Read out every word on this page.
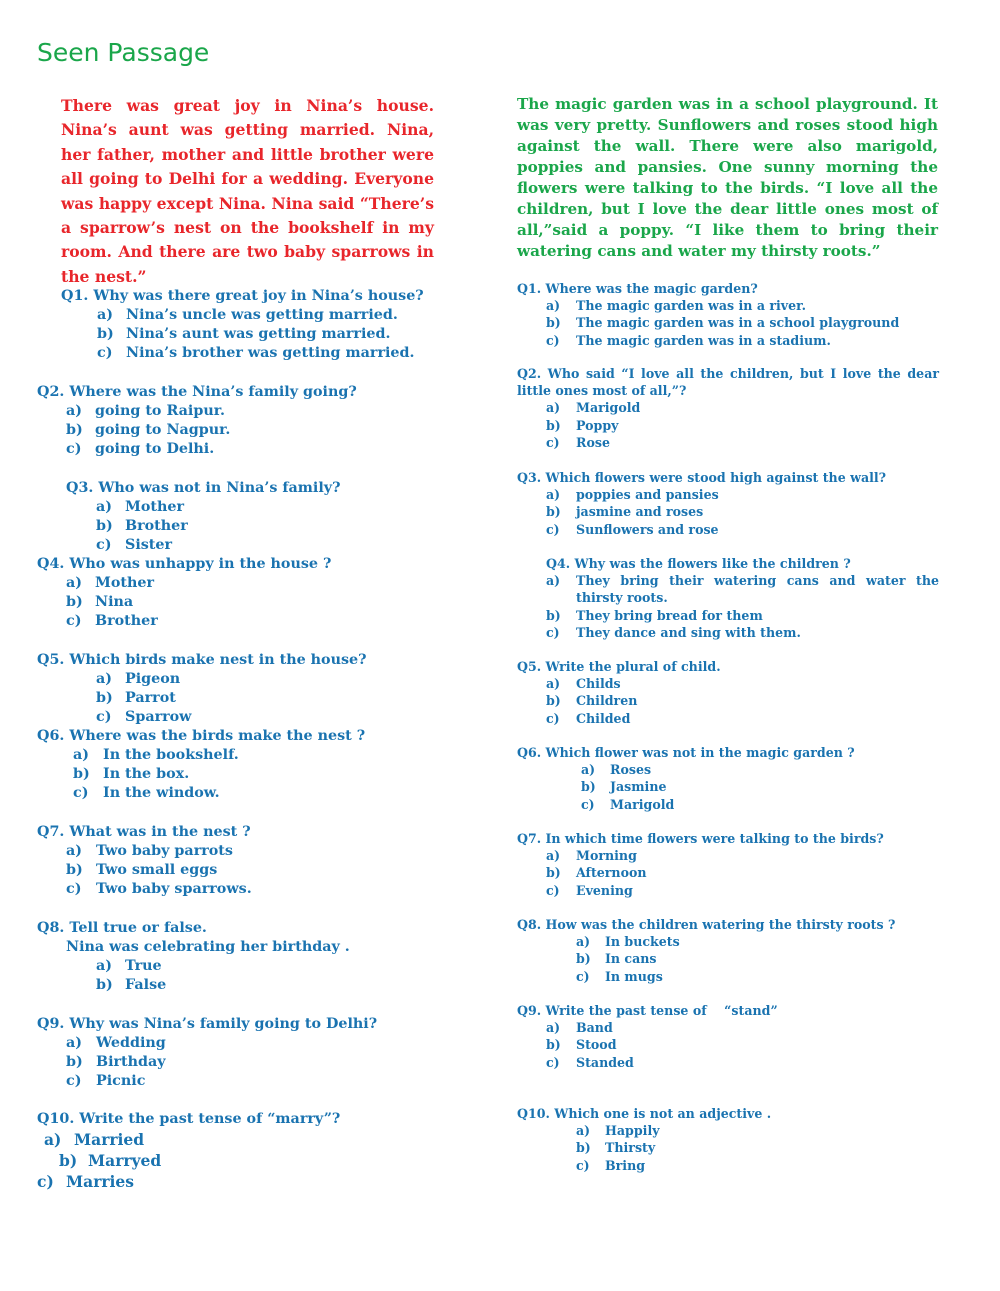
Seen Passage

There was great joy in Nina’s house. Nina’s aunt was getting married. Nina, her father, mother and little brother were all going to Delhi for a wedding. Everyone was happy except Nina. Nina said “There’s a sparrow’s nest on the bookshelf in my room. And there are two baby sparrows in the nest.”

The magic garden was in a school playground. It was very pretty. Sunflowers and roses stood high against the wall. There were also marigold, poppies and pansies. One sunny morning the flowers were talking to the birds. “I love all the children, but I love the dear little ones most of all,”said a poppy. “I like them to bring their watering cans and water my thirsty roots.”

Q1. Why was there great joy in Nina’s house?
a) Nina’s uncle was getting married.
b) Nina’s aunt was getting married.
c) Nina’s brother was getting married.
Q2. Where was the Nina’s family going?
a) going to Raipur.
b) going to Nagpur.
c) going to Delhi.
Q3. Who was not in Nina’s family?
a) Mother
b) Brother
c) Sister
Q4. Who was unhappy in the house ?
a) Mother
b) Nina
c) Brother
Q5. Which birds make nest in the house?
a) Pigeon
b) Parrot
c) Sparrow
Q6. Where was the birds make the nest ?
a) In the bookshelf.
b) In the box.
c) In the window.
Q7. What was in the nest ?
a) Two baby parrots
b) Two small eggs
c) Two baby sparrows.
Q8. Tell true or false.
Nina was celebrating her birthday .
a) True
b) False
Q9. Why was Nina’s family going to Delhi?
a) Wedding
b) Birthday
c) Picnic
Q10. Write the past tense of “marry”?
a) Married
b) Marryed
c) Marries
Q1. Where was the magic garden?
a) The magic garden was in a river.
b) The magic garden was in a school playground
c) The magic garden was in a stadium.
Q2. Who said “I love all the children, but I love the dear little ones most of all,”?
a) Marigold
b) Poppy
c) Rose
Q3. Which flowers were stood high against the wall?
a) poppies and pansies
b) jasmine and roses
c) Sunflowers and rose
Q4. Why was the flowers like the children ?
a) They bring their watering cans and water the thirsty roots.
b) They bring bread for them
c) They dance and sing with them.
Q5. Write the plural of child.
a) Childs
b) Children
c) Childed
Q6. Which flower was not in the magic garden ?
a) Roses
b) Jasmine
c) Marigold
Q7. In which time flowers were talking to the birds?
a) Morning
b) Afternoon
c) Evening
Q8. How was the children watering the thirsty roots ?
a) In buckets
b) In cans
c) In mugs
Q9. Write the past tense of    “stand”
a) Band
b) Stood
c) Standed
Q10. Which one is not an adjective .
a) Happily
b) Thirsty
c) Bring
